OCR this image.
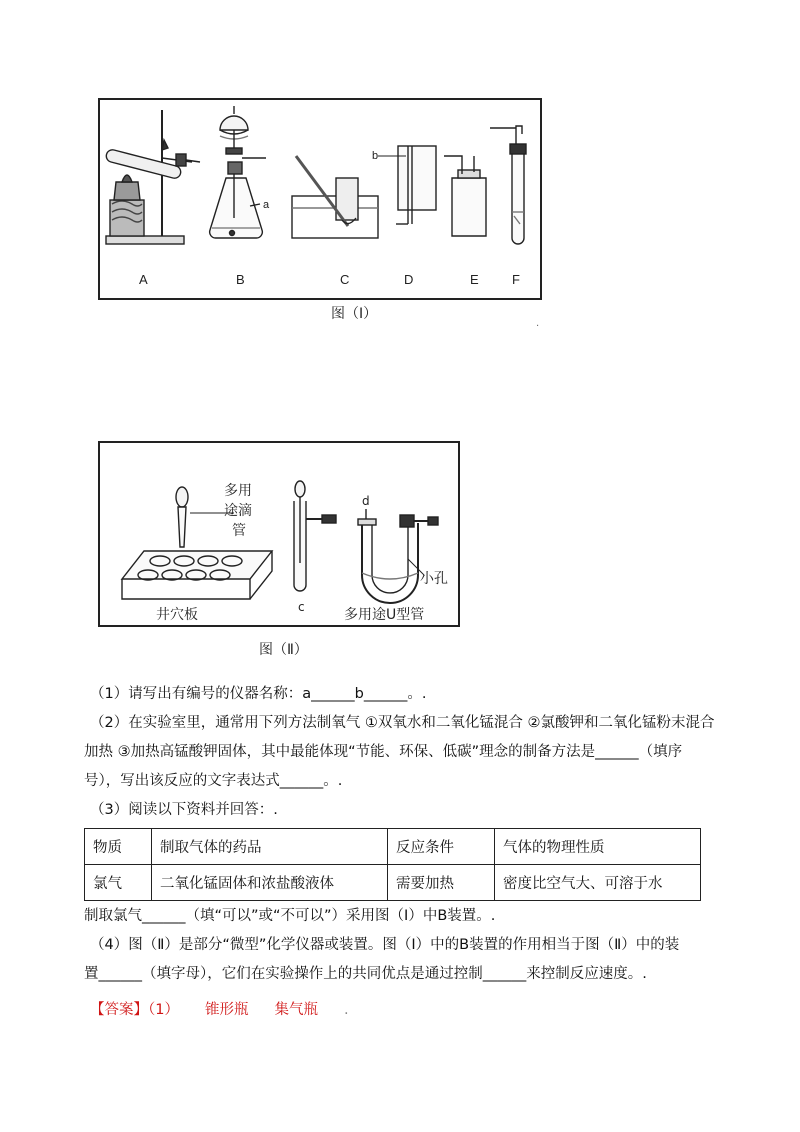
A	B	C	D	E	F
a
b
图（Ⅰ）
.
多用
途滴
管
井穴板	c
d
小孔
多用途U型管
图（Ⅱ）
（1）请写出有编号的仪器名称：a______b______。.
（2）在实验室里，通常用下列方法制氧气 ①双氧水和二氧化锰混合 ②氯酸钾和二氧化锰粉末混合
加热 ③加热高锰酸钾固体，其中最能体现“节能、环保、低碳”理念的制备方法是______（填序
号），写出该反应的文字表达式______。.
（3）阅读以下资料并回答：.
物质	制取气体的药品	反应条件	气体的物理性质
氯气	二氧化锰固体和浓盐酸液体	需要加热	密度比空气大、可溶于水
制取氯气______（填“可以”或“不可以”）采用图（Ⅰ）中B装置。.
（4）图（Ⅱ）是部分“微型”化学仪器或装置。图（Ⅰ）中的B装置的作用相当于图（Ⅱ）中的装
置______（填字母），它们在实验操作上的共同优点是通过控制______来控制反应速度。.
【答案】（1） 锥形瓶 集气瓶 .
